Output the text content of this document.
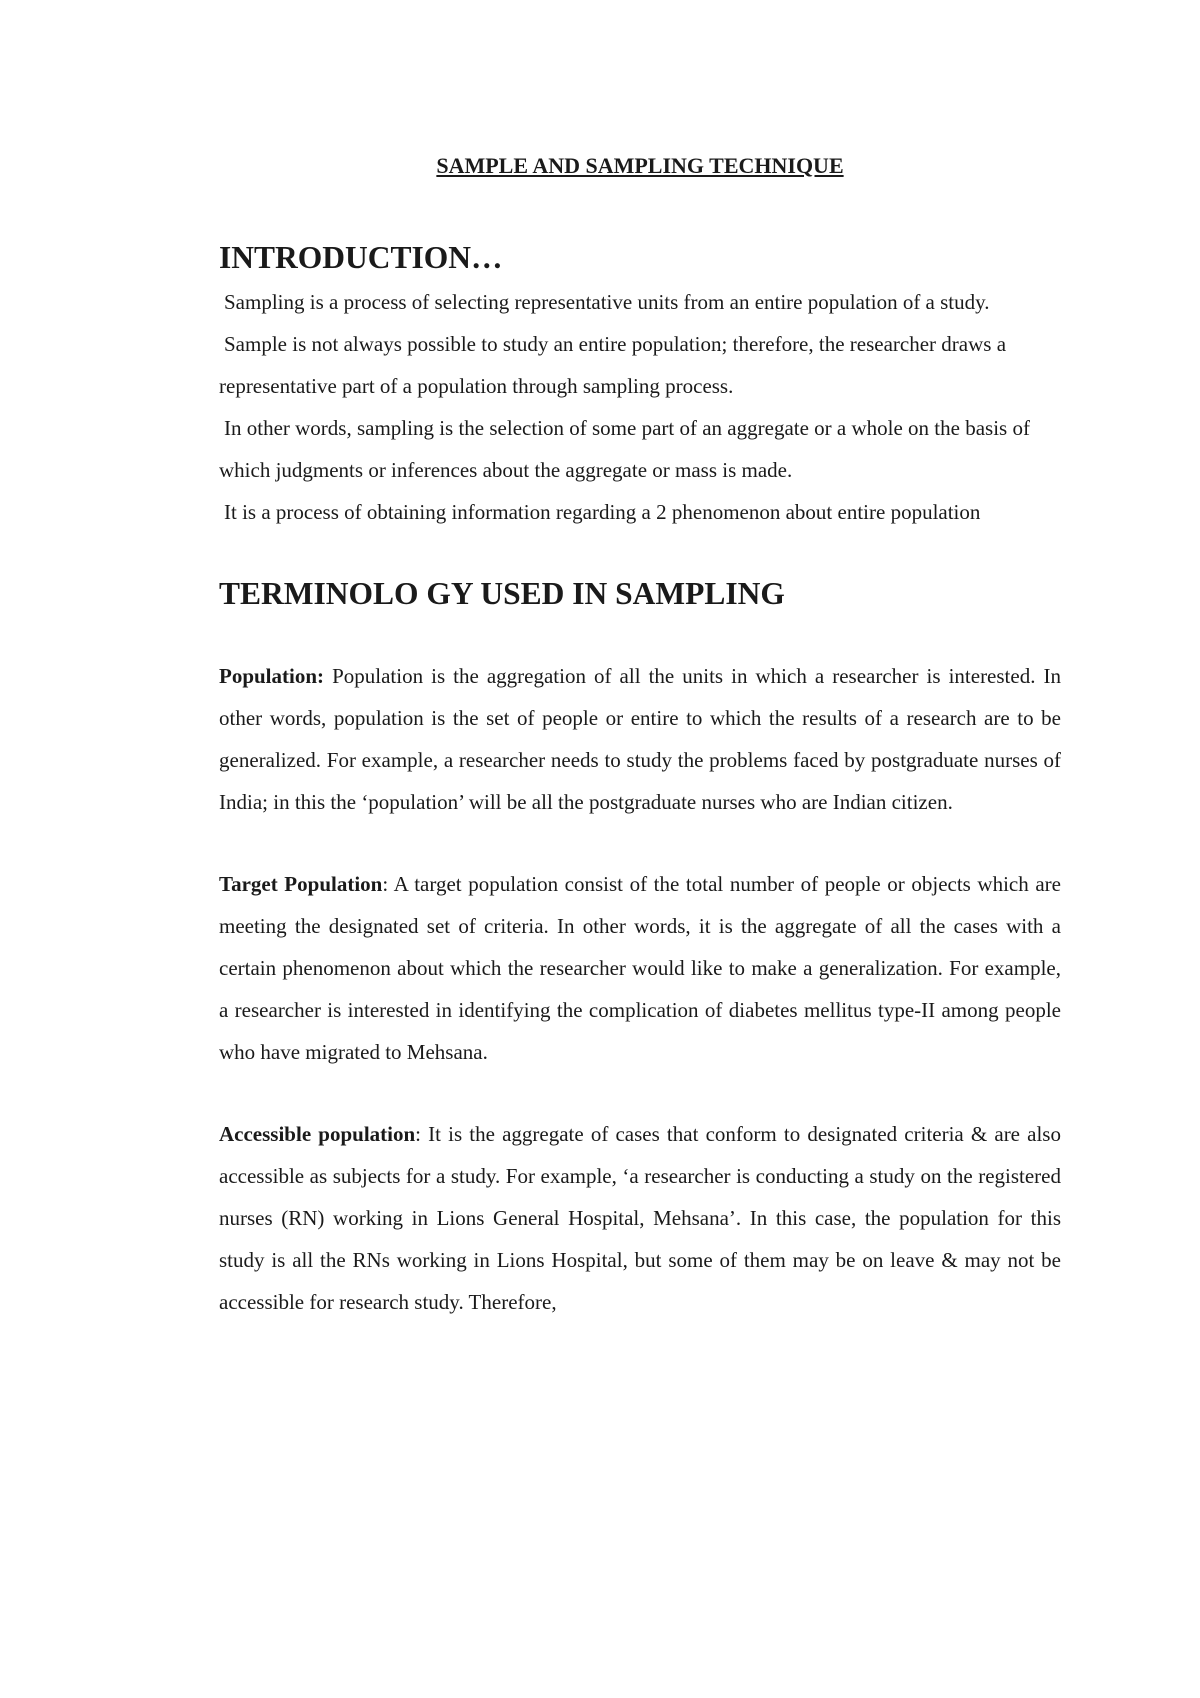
SAMPLE AND SAMPLING TECHNIQUE
INTRODUCTION…

Sampling is a process of selecting representative units from an entire population of a study.

Sample is not always possible to study an entire population; therefore, the researcher draws a representative part of a population through sampling process.

In other words, sampling is the selection of some part of an aggregate or a whole on the basis of which judgments or inferences about the aggregate or mass is made.

It is a process of obtaining information regarding a 2 phenomenon about entire population

TERMINOLO GY USED IN SAMPLING

Population: Population is the aggregation of all the units in which a researcher is interested. In other words, population is the set of people or entire to which the results of a research are to be generalized. For example, a researcher needs to study the problems faced by postgraduate nurses of India; in this the ‘population’ will be all the postgraduate nurses who are Indian citizen.

Target Population: A target population consist of the total number of people or objects which are meeting the designated set of criteria. In other words, it is the aggregate of all the cases with a certain phenomenon about which the researcher would like to make a generalization. For example, a researcher is interested in identifying the complication of diabetes mellitus type-II among people who have migrated to Mehsana.

Accessible population: It is the aggregate of cases that conform to designated criteria & are also accessible as subjects for a study. For example, ‘a researcher is conducting a study on the registered nurses (RN) working in Lions General Hospital, Mehsana’. In this case, the population for this study is all the RNs working in Lions Hospital, but some of them may be on leave & may not be accessible for research study. Therefore,
